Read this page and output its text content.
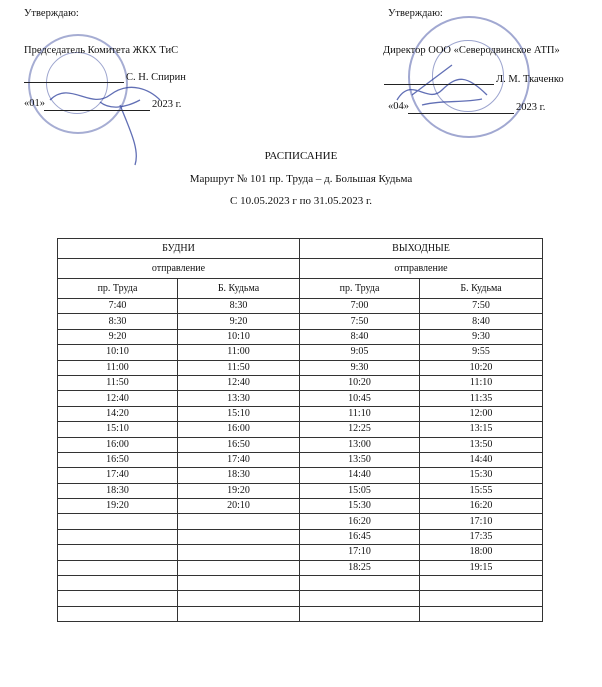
Утверждаю:
Председатель Комитета ЖКХ ТиС
С. Н. Спирин
«01»	2023 г.
Утверждаю:
Директор ООО «Северодвинское АТП»
Л. М. Ткаченко
«04»	2023 г.
РАСПИСАНИЕ
Маршрут № 101 пр. Труда – д. Большая Кудьма
С 10.05.2023 г по 31.05.2023 г.
БУДНИ		ВЫХОДНЫЕ	
отправление		отправление	
пр. Труда	Б. Кудьма	пр. Труда	Б. Кудьма
7:40	8:30	7:00	7:50
8:30	9:20	7:50	8:40
9:20	10:10	8:40	9:30
10:10	11:00	9:05	9:55
11:00	11:50	9:30	10:20
11:50	12:40	10:20	11:10
12:40	13:30	10:45	11:35
14:20	15:10	11:10	12:00
15:10	16:00	12:25	13:15
16:00	16:50	13:00	13:50
16:50	17:40	13:50	14:40
17:40	18:30	14:40	15:30
18:30	19:20	15:05	15:55
19:20	20:10	15:30	16:20
		16:20	17:10
		16:45	17:35
		17:10	18:00
		18:25	19:15
